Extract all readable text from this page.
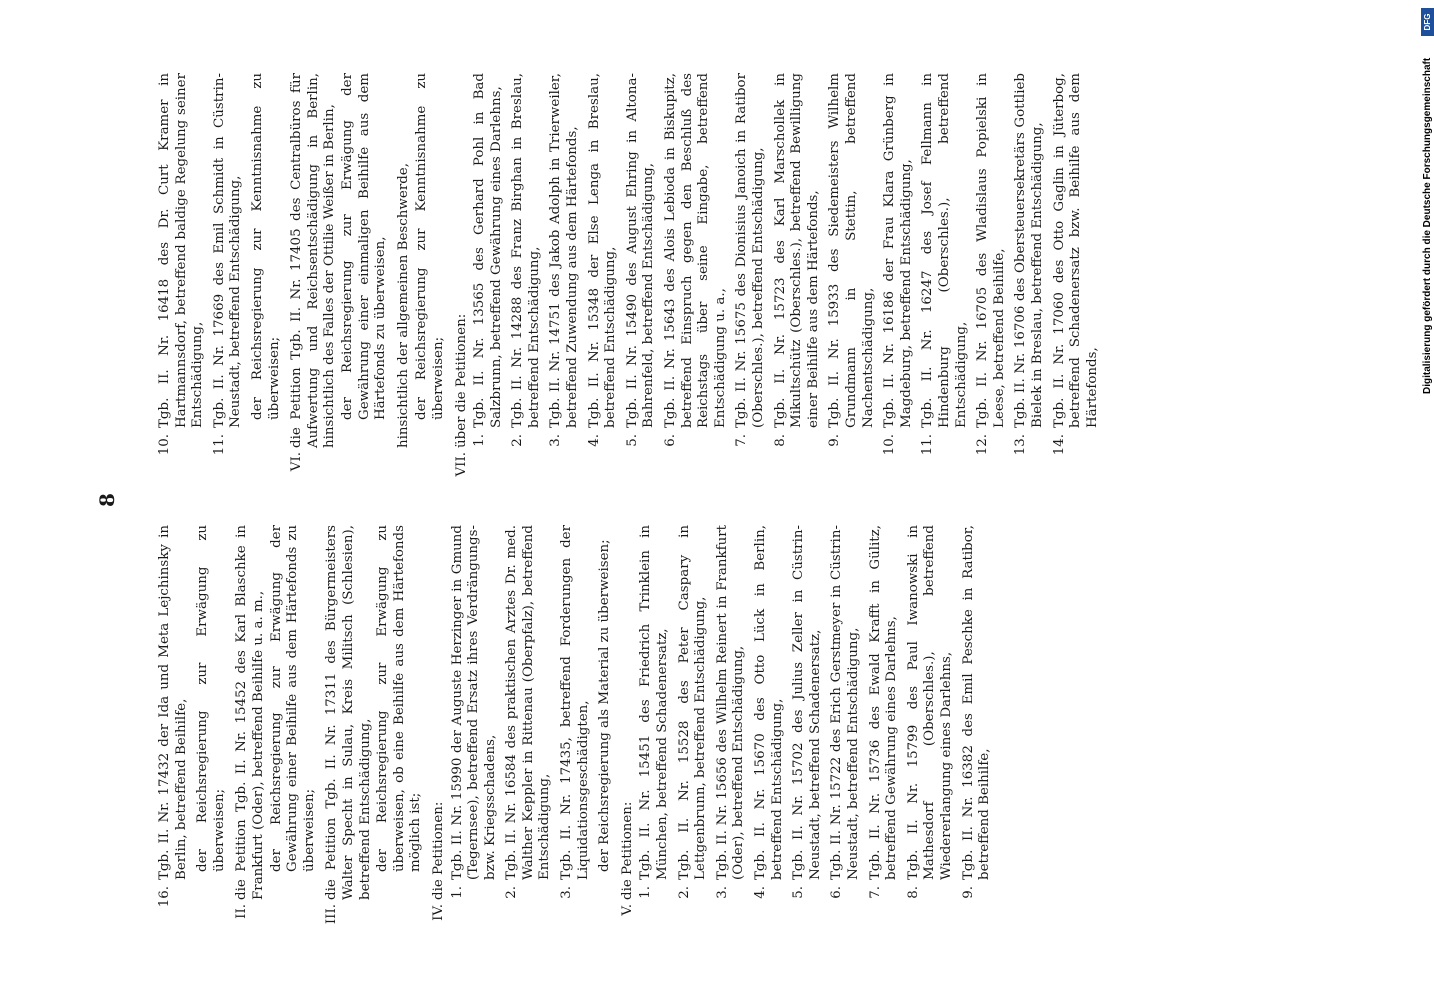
8
16.
Tgb. II. Nr. 17432 der Ida und Meta Lejchinsky in Berlin, betreffend Beihilfe, der Reichsregierung zur Erwägung zu überweisen;
II.
die Petition Tgb. II. Nr. 15452 des Karl Blaschke in Frankfurt (Oder), betreffend Beihilfe u. a. m., der Reichsregierung zur Erwägung der Gewährung einer Beihilfe aus dem Härtefonds zu überweisen;
III.
die Petition Tgb. II. Nr. 17311 des Bürgermeisters Walter Specht in Sulau, Kreis Militsch (Schlesien), betreffend Entschädigung, der Reichsregierung zur Erwägung zu überweisen, ob eine Beihilfe aus dem Härtefonds möglich ist;
IV.
die Petitionen: 1.
Tgb. II. Nr. 15990 der Auguste Herzinger in Gmund (Tegernsee), betreffend Ersatz ihres Verdrängungs- bzw. Kriegsschadens,
2.
Tgb. II. Nr. 16584 des praktischen Arztes Dr. med. Walther Keppler in Rittenau (Oberpfalz), betreffend Entschädigung,
3.
Tgb. II. Nr. 17435, betreffend Forderungen der Liquidationsgeschädigten, der Reichsregierung als Material zu überweisen;
V.
die Petitionen: 1.
Tgb. II. Nr. 15451 des Friedrich Trinklein in München, betreffend Schadenersatz,
2.
Tgb. II. Nr. 15528 des Peter Caspary in Lettgenbrunn, betreffend Entschädigung,
3.
Tgb. II. Nr. 15656 des Wilhelm Reinert in Frankfurt (Oder), betreffend Entschädigung,
4.
Tgb. II. Nr. 15670 des Otto Lück in Berlin, betreffend Entschädigung,
5.
Tgb. II. Nr. 15702 des Julius Zeller in Cüstrin-Neustadt, betreffend Schadenersatz,
6.
Tgb. II. Nr. 15722 des Erich Gerstmeyer in Cüstrin-Neustadt, betreffend Entschädigung,
7.
Tgb. II. Nr. 15736 des Ewald Krafft in Gülitz, betreffend Gewährung eines Darlehns,
8.
Tgb. II. Nr. 15799 des Paul Iwanowski in Mathesdorf (Oberschles.), betreffend Wiedererlangung eines Darlehns,
9.
Tgb. II. Nr. 16382 des Emil Peschke in Ratibor, betreffend Beihilfe,
10.
Tgb. II. Nr. 16418 des Dr. Curt Kramer in Hartmannsdorf, betreffend baldige Regelung seiner Entschädigung,
11.
Tgb. II. Nr. 17669 des Emil Schmidt in Cüstrin-Neustadt, betreffend Entschädigung, der Reichsregierung zur Kenntnisnahme zu überweisen;
VI.
die Petition Tgb. II. Nr. 17405 des Centralbüros für Aufwertung und Reichsentschädigung in Berlin, hinsichtlich des Falles der Ottilie Weißer in Berlin, der Reichsregierung zur Erwägung der Gewährung einer einmaligen Beihilfe aus dem Härtefonds zu überweisen, hinsichtlich der allgemeinen Beschwerde, der Reichsregierung zur Kenntnisnahme zu überweisen;
VII.
über die Petitionen: 1.
Tgb. II. Nr. 13565 des Gerhard Pohl in Bad Salzbrunn, betreffend Gewährung eines Darlehns,
2.
Tgb. II. Nr. 14288 des Franz Birghan in Breslau, betreffend Entschädigung,
3.
Tgb. II. Nr. 14751 des Jakob Adolph in Trierweiler, betreffend Zuwendung aus dem Härtefonds,
4.
Tgb. II. Nr. 15348 der Else Lenga in Breslau, betreffend Entschädigung,
5.
Tgb. II. Nr. 15490 des August Ehring in Altona-Bahrenfeld, betreffend Entschädigung,
6.
Tgb. II. Nr. 15643 des Alois Lebioda in Biskupitz, betreffend Einspruch gegen den Beschluß des Reichstags über seine Eingabe, betreffend Entschädigung u. a.,
7.
Tgb. II. Nr. 15675 des Dionisius Janoich in Ratibor (Oberschles.), betreffend Entschädigung,
8.
Tgb. II. Nr. 15723 des Karl Marschollek in Mikultschütz (Oberschles.), betreffend Bewilligung einer Beihilfe aus dem Härtefonds,
9.
Tgb. II. Nr. 15933 des Siedemeisters Wilhelm Grundmann in Stettin, betreffend Nachentschädigung,
10.
Tgb. II. Nr. 16186 der Frau Klara Grünberg in Magdeburg, betreffend Entschädigung,
11.
Tgb. II. Nr. 16247 des Josef Fellmann in Hindenburg (Oberschles.), betreffend Entschädigung,
12.
Tgb. II. Nr. 16705 des Wladislaus Popielski in Leese, betreffend Beihilfe,
13.
Tgb. II. Nr. 16706 des Obersteuersekretärs Gottlieb Bielek in Breslau, betreffend Entschädigung,
14.
Tgb. II. Nr. 17060 des Otto Gaglin in Jüterbog, betreffend Schadenersatz bzw. Beihilfe aus dem Härtefonds,
DFG
Digitalisierung gefördert durch die Deutsche Forschungsgemeinschaft
